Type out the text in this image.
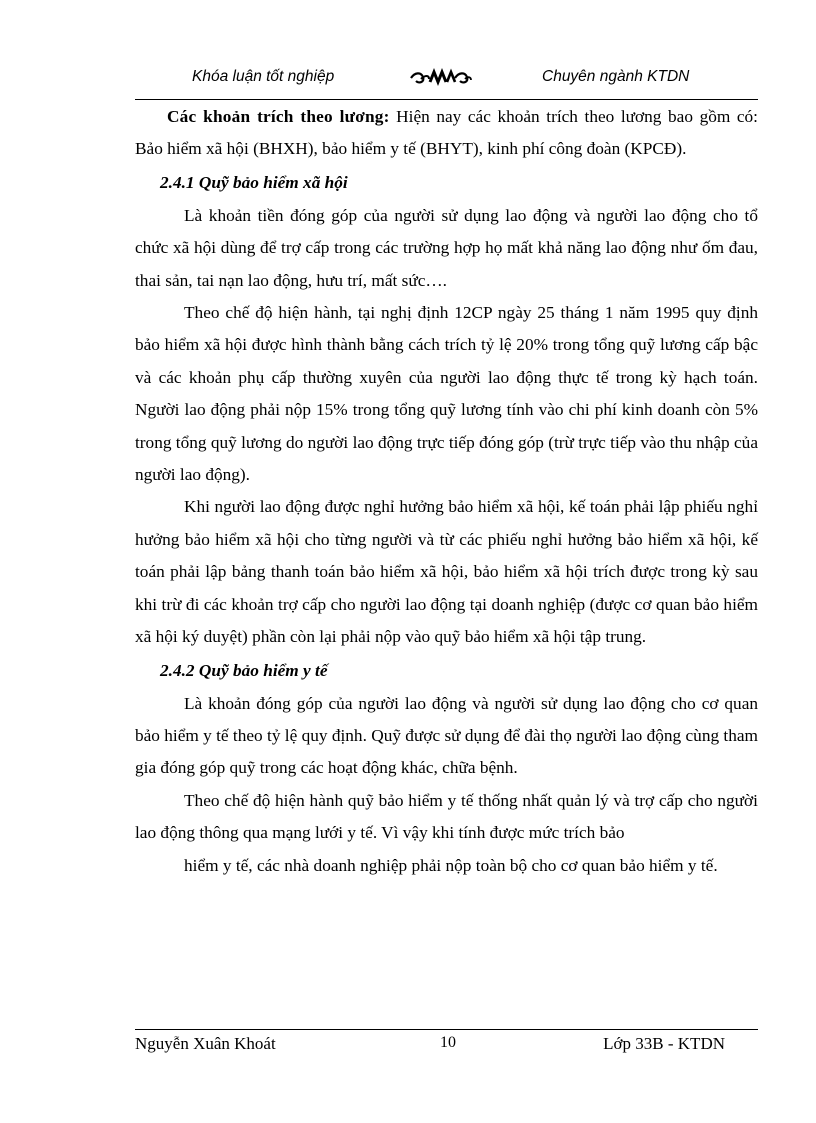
Khóa luận tốt nghiệp	Chuyên ngành KTDN

Các khoản trích theo lương: Hiện nay các khoản trích theo lương bao gồm có: Bảo hiểm xã hội (BHXH), bảo hiểm y tế (BHYT), kinh phí công đoàn (KPCĐ).

2.4.1 Quỹ bảo hiểm xã hội

Là khoản tiền đóng góp của người sử dụng lao động và người lao động cho tổ chức xã hội dùng để trợ cấp trong các trường hợp họ mất khả năng lao động như ốm đau, thai sản, tai nạn lao động, hưu trí, mất sức….

Theo chế độ hiện hành, tại nghị định 12CP ngày 25 tháng 1 năm 1995 quy định bảo hiểm xã hội được hình thành bằng cách trích tỷ lệ 20% trong tổng quỹ lương cấp bậc và các khoản phụ cấp thường xuyên của người lao động thực tế trong kỳ hạch toán. Người lao động phải nộp 15% trong tổng quỹ lương tính vào chi phí kinh doanh còn 5% trong tổng quỹ lương do người lao động trực tiếp đóng góp (trừ trực tiếp vào thu nhập của người lao động).

Khi người lao động được nghỉ hưởng bảo hiểm xã hội, kế toán phải lập phiếu nghỉ hưởng bảo hiểm xã hội cho từng người và từ các phiếu nghỉ hưởng bảo hiểm xã hội, kế toán phải lập bảng thanh toán bảo hiểm xã hội, bảo hiểm xã hội trích được trong kỳ sau khi trừ đi các khoản trợ cấp cho người lao động tại doanh nghiệp (được cơ quan bảo hiểm xã hội ký duyệt) phần còn lại phải nộp vào quỹ bảo hiểm xã hội tập trung.

2.4.2 Quỹ bảo hiểm y tế

Là khoản đóng góp của người lao động và người sử dụng lao động cho cơ quan bảo hiểm y tế theo tỷ lệ quy định. Quỹ được sử dụng để đài thọ người lao động cùng tham gia đóng góp quỹ trong các hoạt động khác, chữa bệnh.

Theo chế độ hiện hành quỹ bảo hiểm y tế thống nhất quản lý và trợ cấp cho người lao động thông qua mạng lưới y tế. Vì vậy khi tính được mức trích bảo

hiểm y tế, các nhà doanh nghiệp phải nộp toàn bộ cho cơ quan bảo hiểm y tế.

Nguyễn Xuân Khoát	10	Lớp 33B - KTDN
